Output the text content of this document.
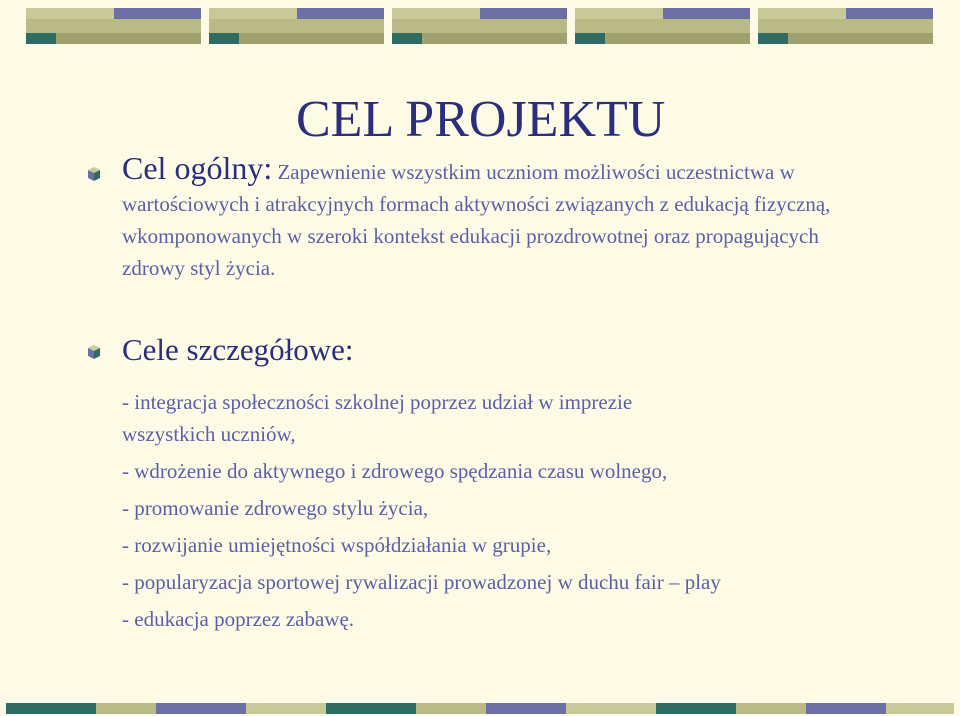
CEL PROJEKTU
Cel ogólny: Zapewnienie wszystkim uczniom możliwości uczestnictwa w wartościowych i atrakcyjnych formach aktywności związanych z edukacją fizyczną, wkomponowanych w szeroki kontekst edukacji prozdrowotnej oraz propagujących zdrowy styl życia.
Cele szczegółowe:
- integracja społeczności szkolnej poprzez udział w imprezie
wszystkich uczniów,
- wdrożenie do aktywnego i zdrowego spędzania czasu wolnego,
- promowanie zdrowego stylu życia,
- rozwijanie umiejętności współdziałania w grupie,
- popularyzacja sportowej rywalizacji prowadzonej w duchu fair – play
- edukacja poprzez zabawę.
